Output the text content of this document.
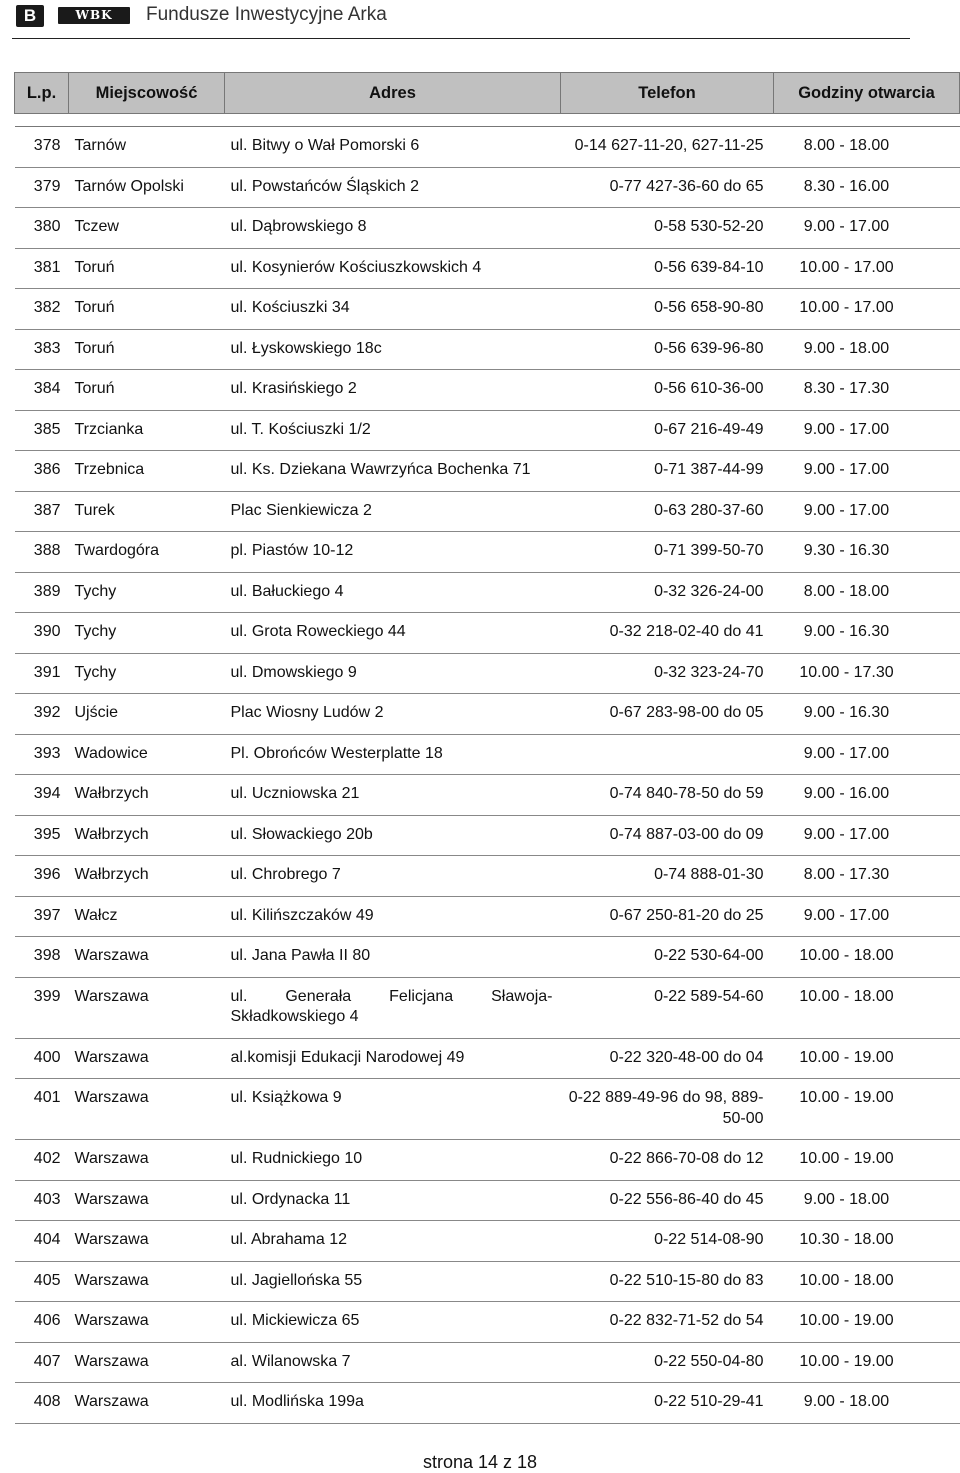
B	WBK	Fundusze Inwestycyjne Arka
L.p.	Miejscowość	Adres	Telefon	Godziny otwarcia

378	Tarnów	ul. Bitwy o Wał Pomorski 6	0-14 627-11-20, 627-11-25	8.00 - 18.00
379	Tarnów Opolski	ul. Powstańców Śląskich 2	0-77 427-36-60 do 65	8.30 - 16.00
380	Tczew	ul. Dąbrowskiego 8	0-58 530-52-20	9.00 - 17.00
381	Toruń	ul. Kosynierów Kościuszkowskich 4	0-56 639-84-10	10.00 - 17.00
382	Toruń	ul. Kościuszki 34	0-56 658-90-80	10.00 - 17.00
383	Toruń	ul. Łyskowskiego 18c	0-56 639-96-80	9.00 - 18.00
384	Toruń	ul. Krasińskiego 2	0-56 610-36-00	8.30 - 17.30
385	Trzcianka	ul. T. Kościuszki 1/2	0-67 216-49-49	9.00 - 17.00
386	Trzebnica	ul. Ks. Dziekana Wawrzyńca Bochenka 71	0-71 387-44-99	9.00 - 17.00
387	Turek	Plac Sienkiewicza 2	0-63 280-37-60	9.00 - 17.00
388	Twardogóra	pl. Piastów 10-12	0-71 399-50-70	9.30 - 16.30
389	Tychy	ul. Bałuckiego 4	0-32 326-24-00	8.00 - 18.00
390	Tychy	ul. Grota Roweckiego 44	0-32 218-02-40 do 41	9.00 - 16.30
391	Tychy	ul. Dmowskiego 9	0-32 323-24-70	10.00 - 17.30
392	Ujście	Plac Wiosny Ludów 2	0-67 283-98-00 do 05	9.00 - 16.30
393	Wadowice	Pl. Obrońców Westerplatte 18		9.00 - 17.00
394	Wałbrzych	ul. Uczniowska 21	0-74 840-78-50 do 59	9.00 - 16.00
395	Wałbrzych	ul. Słowackiego 20b	0-74 887-03-00 do 09	9.00 - 17.00
396	Wałbrzych	ul. Chrobrego 7	0-74 888-01-30	8.00 - 17.30
397	Wałcz	ul. Kilińszczaków 49	0-67 250-81-20 do 25	9.00 - 17.00
398	Warszawa	ul. Jana Pawła II 80	0-22 530-64-00	10.00 - 18.00
399	Warszawa	ul. Generała Felicjana Sławoja-Składkowskiego 4	0-22 589-54-60	10.00 - 18.00
400	Warszawa	al.komisji Edukacji Narodowej 49	0-22 320-48-00 do 04	10.00 - 19.00
401	Warszawa	ul. Książkowa 9	0-22 889-49-96 do 98, 889-50-00	10.00 - 19.00
402	Warszawa	ul. Rudnickiego 10	0-22 866-70-08 do 12	10.00 - 19.00
403	Warszawa	ul. Ordynacka 11	0-22 556-86-40 do 45	9.00 - 18.00
404	Warszawa	ul. Abrahama 12	0-22 514-08-90	10.30 - 18.00
405	Warszawa	ul. Jagiellońska 55	0-22 510-15-80 do 83	10.00 - 18.00
406	Warszawa	ul. Mickiewicza 65	0-22 832-71-52 do 54	10.00 - 19.00
407	Warszawa	al. Wilanowska 7	0-22 550-04-80	10.00 - 19.00
408	Warszawa	ul. Modlińska 199a	0-22 510-29-41	9.00 - 18.00
strona 14 z 18
